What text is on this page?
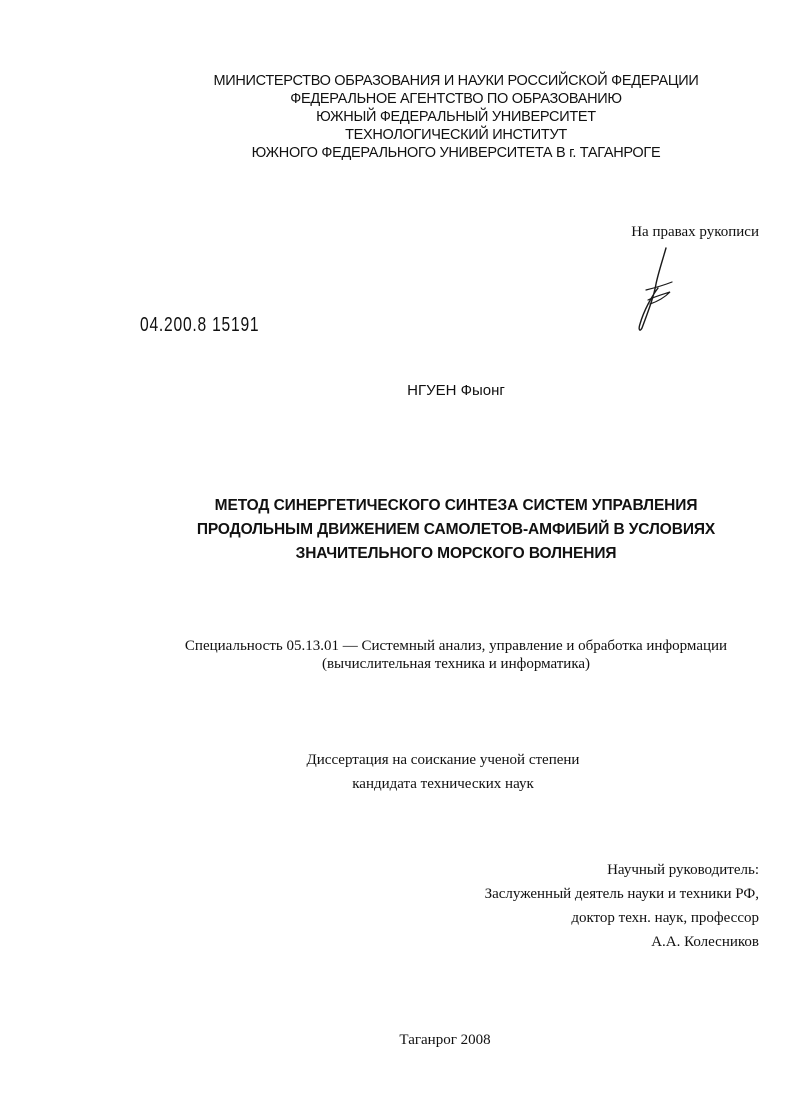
МИНИСТЕРСТВО ОБРАЗОВАНИЯ И НАУКИ РОССИЙСКОЙ ФЕДЕРАЦИИ
ФЕДЕРАЛЬНОЕ АГЕНТСТВО ПО ОБРАЗОВАНИЮ
ЮЖНЫЙ ФЕДЕРАЛЬНЫЙ УНИВЕРСИТЕТ
ТЕХНОЛОГИЧЕСКИЙ ИНСТИТУТ
ЮЖНОГО ФЕДЕРАЛЬНОГО УНИВЕРСИТЕТА В г. ТАГАНРОГЕ
На правах рукописи
04.200.8 15191
НГУЕН Фыонг
МЕТОД СИНЕРГЕТИЧЕСКОГО СИНТЕЗА СИСТЕМ УПРАВЛЕНИЯ
ПРОДОЛЬНЫМ ДВИЖЕНИЕМ САМОЛЕТОВ-АМФИБИЙ В УСЛОВИЯХ
ЗНАЧИТЕЛЬНОГО МОРСКОГО ВОЛНЕНИЯ
Специальность 05.13.01 — Системный анализ, управление и обработка информации
(вычислительная техника и информатика)
Диссертация на соискание ученой степени
кандидата технических наук
Научный руководитель:
Заслуженный деятель науки и техники РФ,
доктор техн. наук, профессор
А.А. Колесников
Таганрог 2008
